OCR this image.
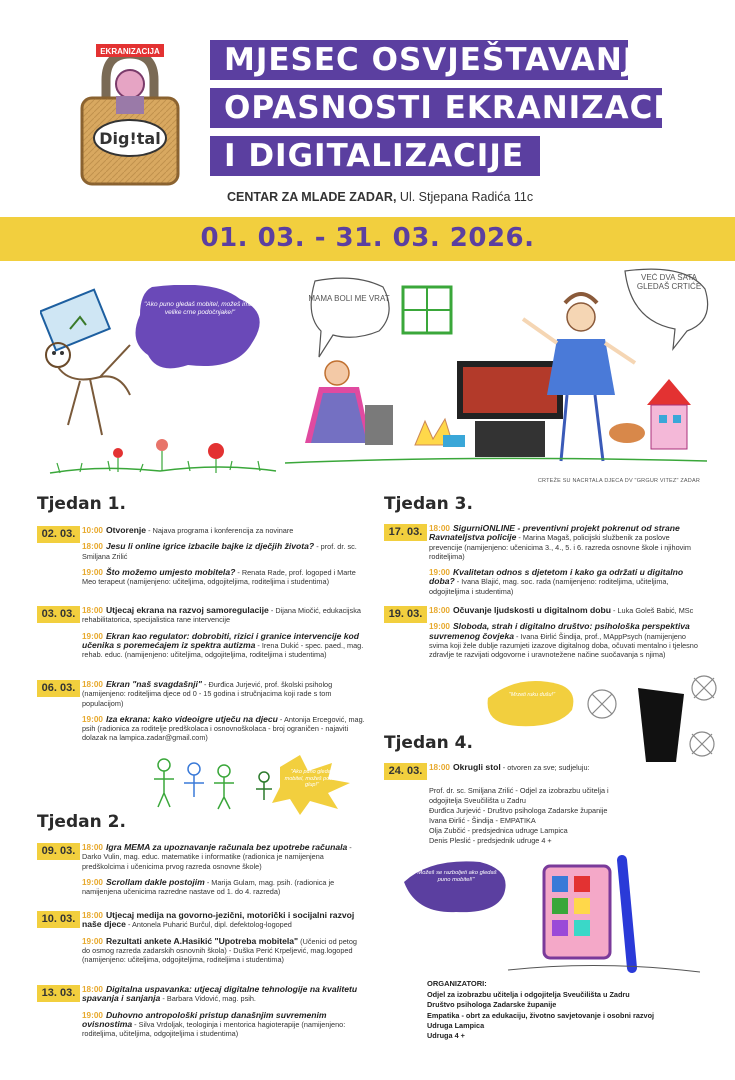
EKRANIZACIJA
Dig!tal
MJESEC OSVJEŠTAVANJA
OPASNOSTI EKRANIZACIJE
I DIGITALIZACIJE
CENTAR ZA MLADE ZADAR, Ul. Stjepana Radića 11c
01. 03. - 31. 03. 2026.
"Ako puno gledaš mobitel, možeš imati velike crne podočnjake!"
MAMA BOLI ME VRAT
VEĆ DVA SATA GLEDAŠ CRTIĆE
CRTEŽE SU NACRTALA DJECA DV "GRGUR VITEZ" ZADAR
Tjedan 1.
02. 03. 10:00 Otvorenje - Najava programa i konferencija za novinare
18:00 Jesu li online igrice izbacile bajke iz dječjih života? - prof. dr. sc. Smiljana Zrilić
19:00 Što možemo umjesto mobitela? - Renata Rade, prof. logoped i Marte Meo terapeut (namijenjeno: učiteljima, odgojiteljima, roditeljima i studentima)
03. 03. 18:00 Utjecaj ekrana na razvoj samoregulacije - Dijana Miočić, edukacijska rehabilitatorica, specijalistica rane intervencije
19:00 Ekran kao regulator: dobrobiti, rizici i granice intervencije kod učenika s poremećajem iz spektra autizma - Irena Dukić - spec. paed., mag. rehab. educ. (namijenjeno: učiteljima, odgojiteljima, roditeljima i studentima)
06. 03. 18:00 Ekran "naš svagdašnji" - Đurđica Jurjević, prof. školski psiholog (namijenjeno: roditeljima djece od 0 - 15 godina i stručnjacima koji rade s tom populacijom)
19:00 Iza ekrana: kako videoigre utječu na djecu - Antonija Ercegović, mag. psih (radionica za roditelje predškolaca i osnovnoškolaca - broj ograničen - najaviti dolazak na lampica.zadar@gmail.com)
"Ako puno gledaš mobitel, možeš postati glup!"
Tjedan 2.
09. 03. 18:00 Igra MEMA za upoznavanje računala bez upotrebe računala - Darko Vulin, mag. educ. matematike i informatike (radionica je namijenjena predškolcima i učenicima prvog razreda osnovne škole)
19:00 Scrollam dakle postojim - Marija Gulam, mag. psih. (radionica je namijenjena učenicima razredne nastave od 1. do 4. razreda)
10. 03. 18:00 Utjecaj medija na govorno-jezični, motorički i socijalni razvoj naše djece - Antonela Puharić Burčul, dipl. defektolog-logoped
19:00 Rezultati ankete A.Hasikić "Upotreba mobitela" (Učenici od petog do osmog razreda zadarskih osnovnih škola) - Duška Perić Krpeljević, mag.logoped (namijenjeno: učiteljima, odgojiteljima, roditeljima i studentima)
13. 03. 18:00 Digitalna uspavanka: utjecaj digitalne tehnologije na kvalitetu spavanja i sanjanja - Barbara Vidović, mag. psih.
19:00 Duhovno antropološki pristup današnjim suvremenim ovisnostima - Silva Vrdoljak, teologinja i mentorica hagioterapije (namijenjeno: roditeljima, učiteljima, odgojiteljima i studentima)
Tjedan 3.
17. 03. 18:00 SigurniONLINE - preventivni projekt pokrenut od strane Ravnateljstva policije - Marina Magaš, policijski službenik za poslove prevencije (namijenjeno: učenicima 3., 4., 5. i 6. razreda osnovne škole i njihovim roditeljima)
19:00 Kvalitetan odnos s djetetom i kako ga održati u digitalno doba? - Ivana Blajić, mag. soc. rada (namijenjeno: roditeljima, učiteljima, odgojiteljima i studentima)
19. 03. 18:00 Očuvanje ljudskosti u digitalnom dobu - Luka Goleš Babić, MSc
19:00 Sloboda, strah i digitalno društvo: psihološka perspektiva suvremenog čovjeka - Ivana Ðirlić Šindija, prof., MAppPsych (namijenjeno svima koji žele dublje razumjeti izazove digitalnog doba, očuvati mentalno i tjelesno zdravlje te razvijati odgovorne i uravnotežene načine suočavanja s njima)
"Mrzeti ruku dušu!"
Tjedan 4.
24. 03. 18:00 Okrugli stol - otvoren za sve; sudjeluju:
Prof. dr. sc. Smiljana Zrilić - Odjel za izobrazbu učitelja i
odgojitelja Sveučilišta u Zadru
Đurđica Jurjević - Društvo psihologa Zadarske županije
Ivana Đirlić - Šindija - EMPATIKA
Olja Zubčić - predsjednica udruge Lampica
Denis Pleslić - predsjednik udruge 4 +
"Možeš se razboljeti ako gledaš puno mobitel!"
ORGANIZATORI:
Odjel za izobrazbu učitelja i odgojitelja Sveučilišta u Zadru
Društvo psihologa Zadarske županije
Empatika - obrt za edukaciju, životno savjetovanje i osobni razvoj
Udruga Lampica
Udruga 4 +
